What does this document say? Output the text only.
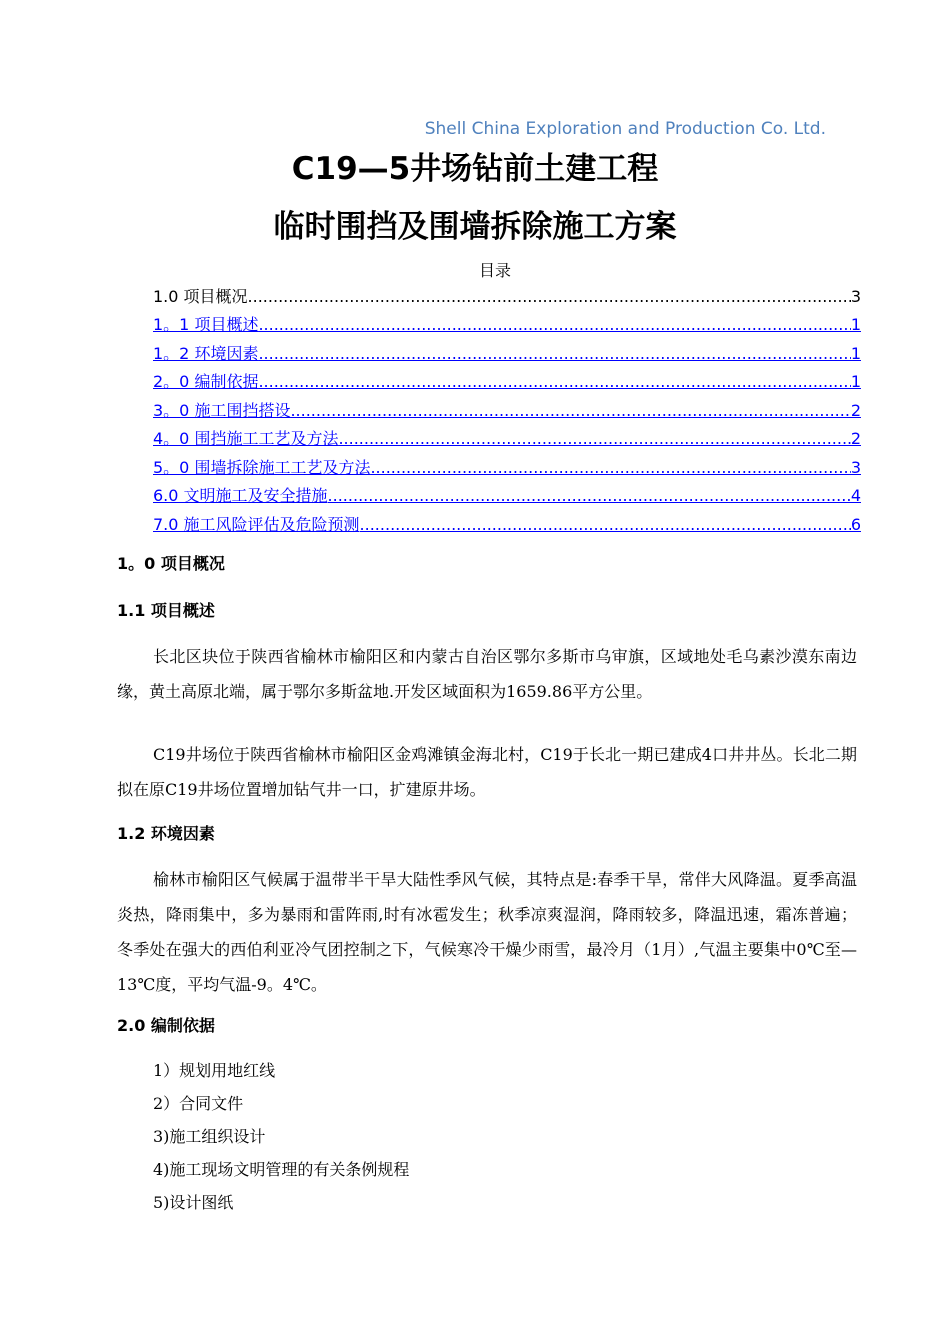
Shell China Exploration and Production Co. Ltd.
C19—5井场钻前土建工程
临时围挡及围墙拆除施工方案
目录
1.0 项目概况 .....	3
1。1 项目概述 .....	1
1。2 环境因素 .....	1
2。0 编制依据 .....	1
3。0 施工围挡搭设 .....	2
4。0 围挡施工工艺及方法 .....	2
5。0 围墙拆除施工工艺及方法 .....	3
6.0 文明施工及安全措施 .....	4
7.0 施工风险评估及危险预测 .....	6
1。0 项目概况
1.1 项目概述
长北区块位于陕西省榆林市榆阳区和内蒙古自治区鄂尔多斯市乌审旗，区域地处毛乌素沙漠东南边缘，黄土高原北端，属于鄂尔多斯盆地.开发区域面积为1659.86平方公里。
C19井场位于陕西省榆林市榆阳区金鸡滩镇金海北村，C19于长北一期已建成4口井井丛。长北二期拟在原C19井场位置增加钻气井一口，扩建原井场。
1.2 环境因素
榆林市榆阳区气候属于温带半干旱大陆性季风气候，其特点是:春季干旱，常伴大风降温。夏季高温炎热，降雨集中，多为暴雨和雷阵雨,时有冰雹发生；秋季凉爽湿润，降雨较多，降温迅速，霜冻普遍；冬季处在强大的西伯利亚冷气团控制之下，气候寒冷干燥少雨雪，最冷月（1月）,气温主要集中0℃至—13℃度，平均气温-9。4℃。
2.0 编制依据
1）规划用地红线
2）合同文件
3)施工组织设计
4)施工现场文明管理的有关条例规程
5)设计图纸
